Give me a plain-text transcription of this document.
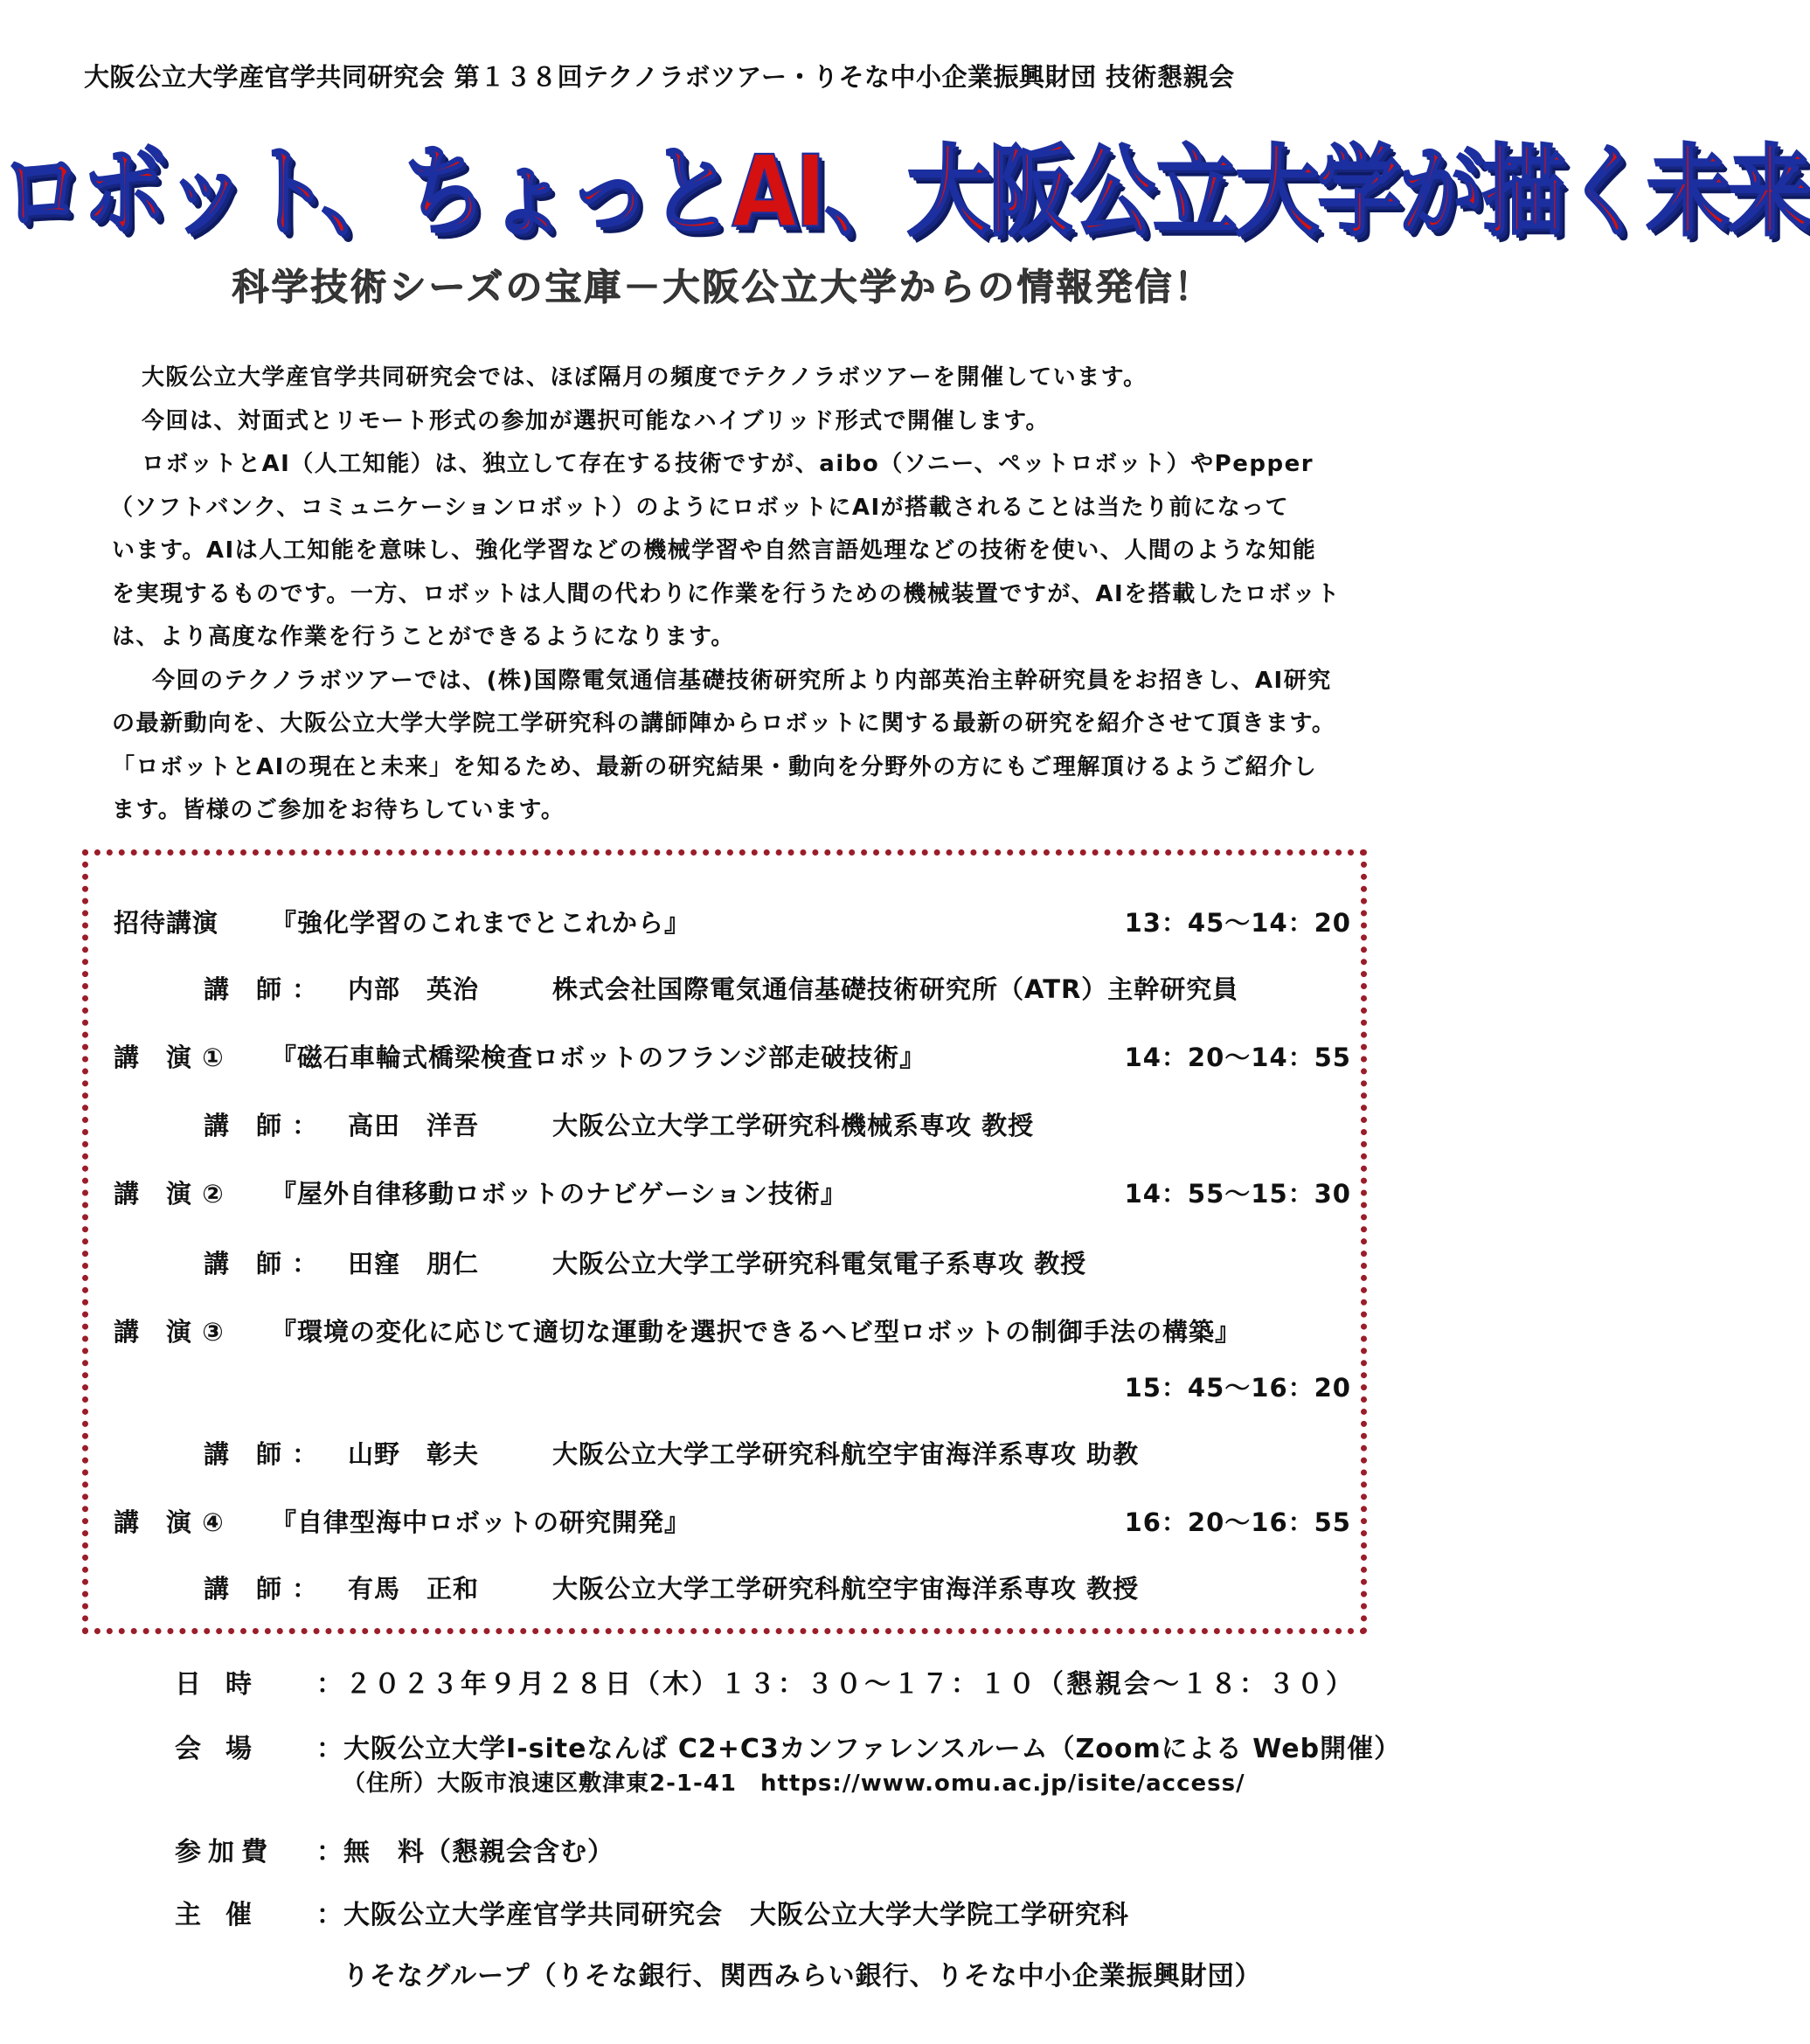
大阪公立大学産官学共同研究会 第１３８回テクノラボツアー・りそな中小企業振興財団 技術懇親会
ロボット、ちょっとAI、大阪公立大学が描く未来
科学技術シーズの宝庫－大阪公立大学からの情報発信！

大阪公立大学産官学共同研究会では、ほぼ隔月の頻度でテクノラボツアーを開催しています。

今回は、対面式とリモート形式の参加が選択可能なハイブリッド形式で開催します。

ロボットとAI（人工知能）は、独立して存在する技術ですが、aibo（ソニー、ペットロボット）やPepper

（ソフトバンク、コミュニケーションロボット）のようにロボットにAIが搭載されることは当たり前になって

います。AIは人工知能を意味し、強化学習などの機械学習や自然言語処理などの技術を使い、人間のような知能

を実現するものです。一方、ロボットは人間の代わりに作業を行うための機械装置ですが、AIを搭載したロボット

は、より高度な作業を行うことができるようになります。

今回のテクノラボツアーでは、(株)国際電気通信基礎技術研究所より内部英治主幹研究員をお招きし、AI研究

の最新動向を、大阪公立大学大学院工学研究科の講師陣からロボットに関する最新の研究を紹介させて頂きます。

「ロボットとAIの現在と未来」を知るため、最新の研究結果・動向を分野外の方にもご理解頂けるようご紹介し

ます。皆様のご参加をお待ちしています。

招待講演 『強化学習のこれまでとこれから』	13：45～14：20
講　師 ： 内部　英治	株式会社国際電気通信基礎技術研究所（ATR）主幹研究員
講　演 ① 『磁石車輪式橋梁検査ロボットのフランジ部走破技術』	14：20～14：55
講　師 ： 高田　洋吾	大阪公立大学工学研究科機械系専攻 教授
講　演 ② 『屋外自律移動ロボットのナビゲーション技術』	14：55～15：30
講　師 ： 田窪　朋仁	大阪公立大学工学研究科電気電子系専攻 教授
講　演 ③ 『環境の変化に応じて適切な運動を選択できるヘビ型ロボットの制御手法の構築』
15：45～16：20
講　師 ： 山野　彰夫	大阪公立大学工学研究科航空宇宙海洋系専攻 助教
講　演 ④ 『自律型海中ロボットの研究開発』	16：20～16：55
講　師 ： 有馬　正和	大阪公立大学工学研究科航空宇宙海洋系専攻 教授
日時 ：２０２３年９月２８日（木）１３：３０～１７：１０（懇親会～１８：３０）
会場 ：大阪公立大学I-siteなんば C2+C3カンファレンスルーム（Zoomによる Web開催）
（住所）大阪市浪速区敷津東2-1-41　https://www.omu.ac.jp/isite/access/
参加費 ：無　料（懇親会含む）
主催 ：大阪公立大学産官学共同研究会　大阪公立大学大学院工学研究科
りそなグループ（りそな銀行、関西みらい銀行、りそな中小企業振興財団）
